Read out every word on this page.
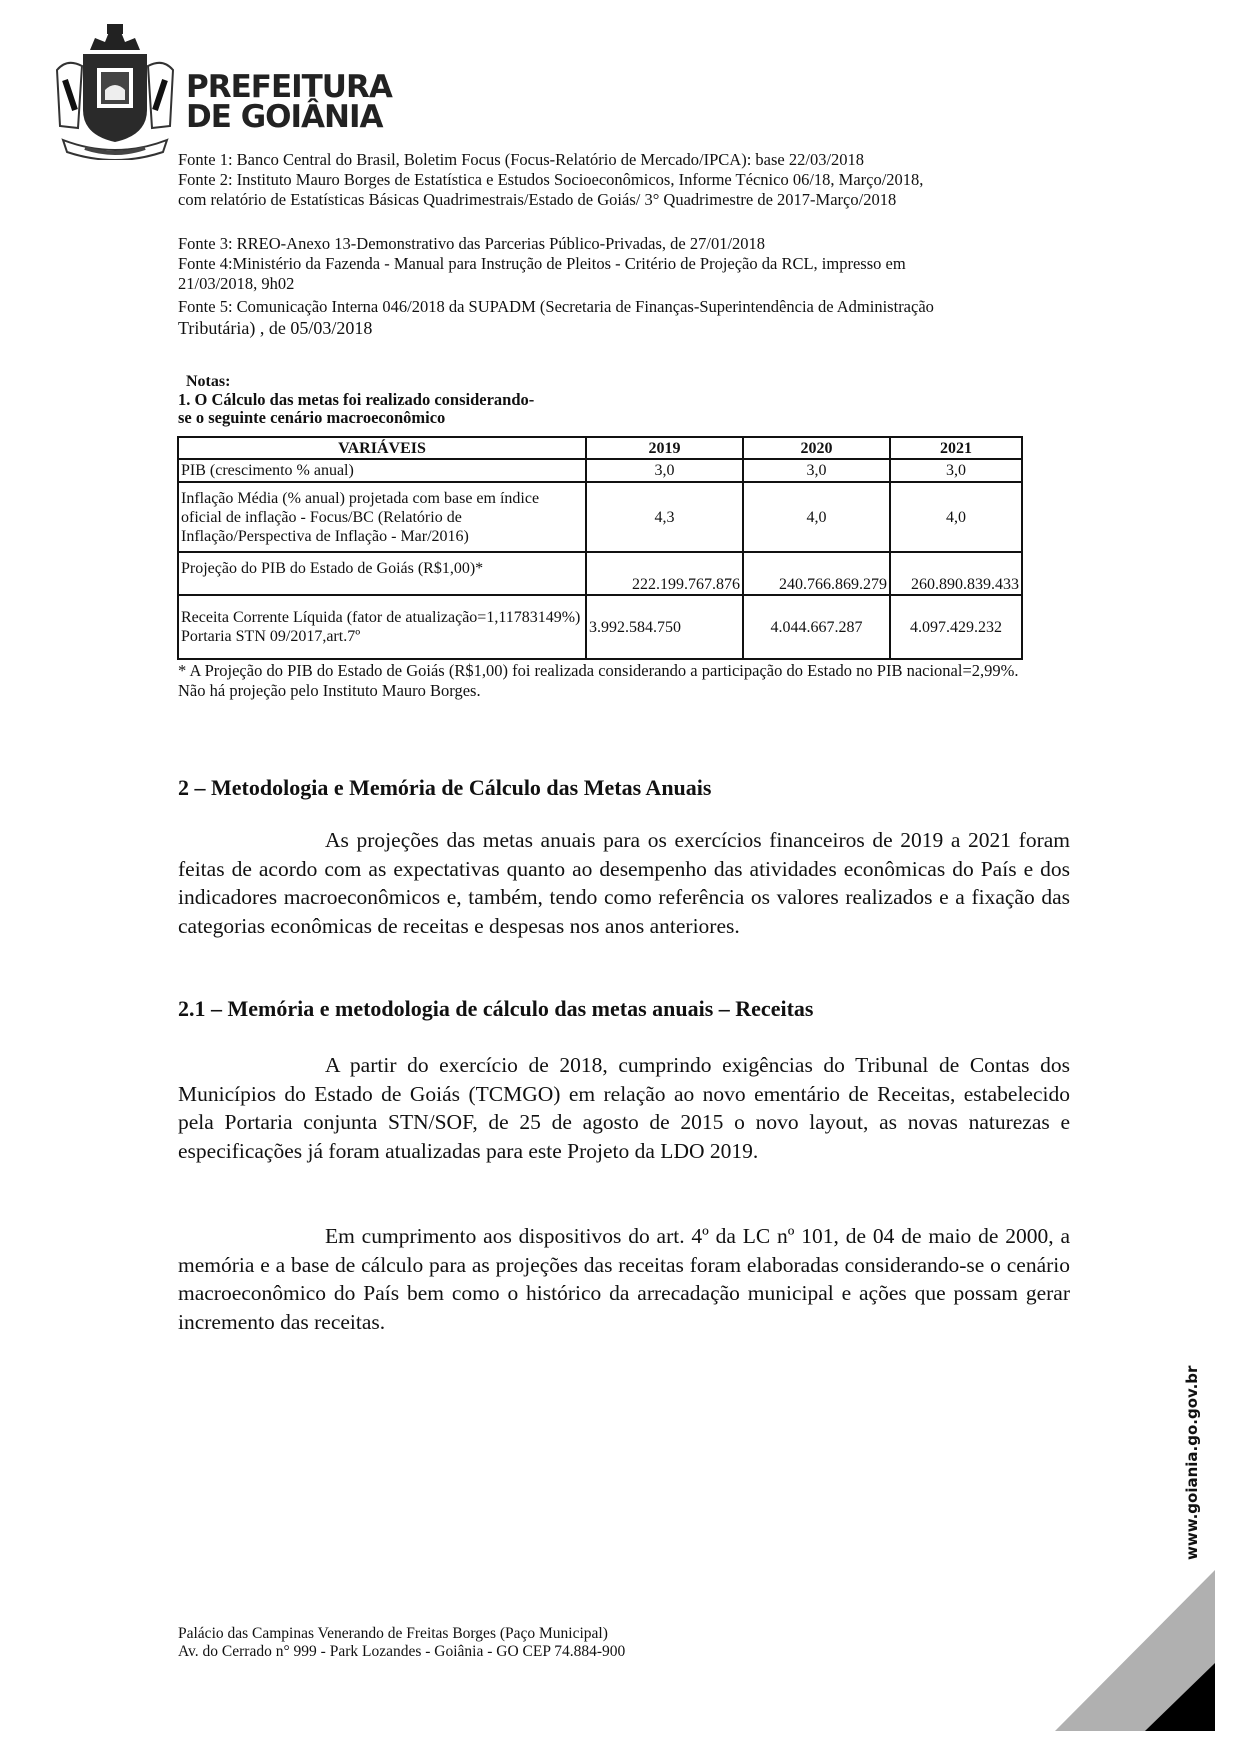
PREFEITURA
DE GOIÂNIA
Fonte 1: Banco Central do Brasil, Boletim Focus (Focus-Relatório de Mercado/IPCA): base 22/03/2018
Fonte 2: Instituto Mauro Borges de Estatística e Estudos Socioeconômicos, Informe Técnico 06/18, Março/2018,
com relatório de Estatísticas Básicas Quadrimestrais/Estado de Goiás/ 3° Quadrimestre de 2017-Março/2018
Fonte 3: RREO-Anexo 13-Demonstrativo das Parcerias Público-Privadas, de 27/01/2018
Fonte 4:Ministério da Fazenda - Manual para Instrução de Pleitos - Critério de Projeção da RCL, impresso em
21/03/2018, 9h02
Fonte 5: Comunicação Interna 046/2018 da SUPADM (Secretaria de Finanças-Superintendência de Administração
Tributária) , de 05/03/2018
Notas:
1. O Cálculo das metas foi realizado considerando-
se o seguinte cenário macroeconômico
VARIÁVEIS	2019	2020	2021
PIB (crescimento % anual)	3,0	3,0	3,0
Inflação Média (% anual) projetada com base em índice oficial de inflação - Focus/BC (Relatório de Inflação/Perspectiva de Inflação - Mar/2016)	4,3	4,0	4,0
Projeção do PIB do Estado de Goiás (R$1,00)*	222.199.767.876	240.766.869.279	260.890.839.433
Receita Corrente Líquida (fator de atualização=1,11783149%) Portaria STN 09/2017,art.7º	3.992.584.750	4.044.667.287	4.097.429.232
* A Projeção do PIB do Estado de Goiás (R$1,00) foi realizada considerando a participação do Estado no PIB nacional=2,99%. Não há projeção pelo Instituto Mauro Borges.
2 – Metodologia e Memória de Cálculo das Metas Anuais
As projeções das metas anuais para os exercícios financeiros de 2019 a 2021 foram feitas de acordo com as expectativas quanto ao desempenho das atividades econômicas do País e dos indicadores macroeconômicos e, também, tendo como referência os valores realizados e a fixação das categorias econômicas de receitas e despesas nos anos anteriores.
2.1 – Memória e metodologia de cálculo das metas anuais – Receitas
A partir do exercício de 2018, cumprindo exigências do Tribunal de Contas dos Municípios do Estado de Goiás (TCMGO) em relação ao novo ementário de Receitas, estabelecido pela Portaria conjunta STN/SOF, de 25 de agosto de 2015 o novo layout, as novas naturezas e especificações já foram atualizadas para este Projeto da LDO 2019.
Em cumprimento aos dispositivos do art. 4º da LC nº 101, de 04 de maio de 2000, a memória e a base de cálculo para as projeções das receitas foram elaboradas considerando-se o cenário macroeconômico do País bem como o histórico da arrecadação municipal e ações que possam gerar incremento das receitas.
www.goiania.go.gov.br
Palácio das Campinas Venerando de Freitas Borges (Paço Municipal)
Av. do Cerrado n° 999 - Park Lozandes - Goiânia - GO CEP 74.884-900
